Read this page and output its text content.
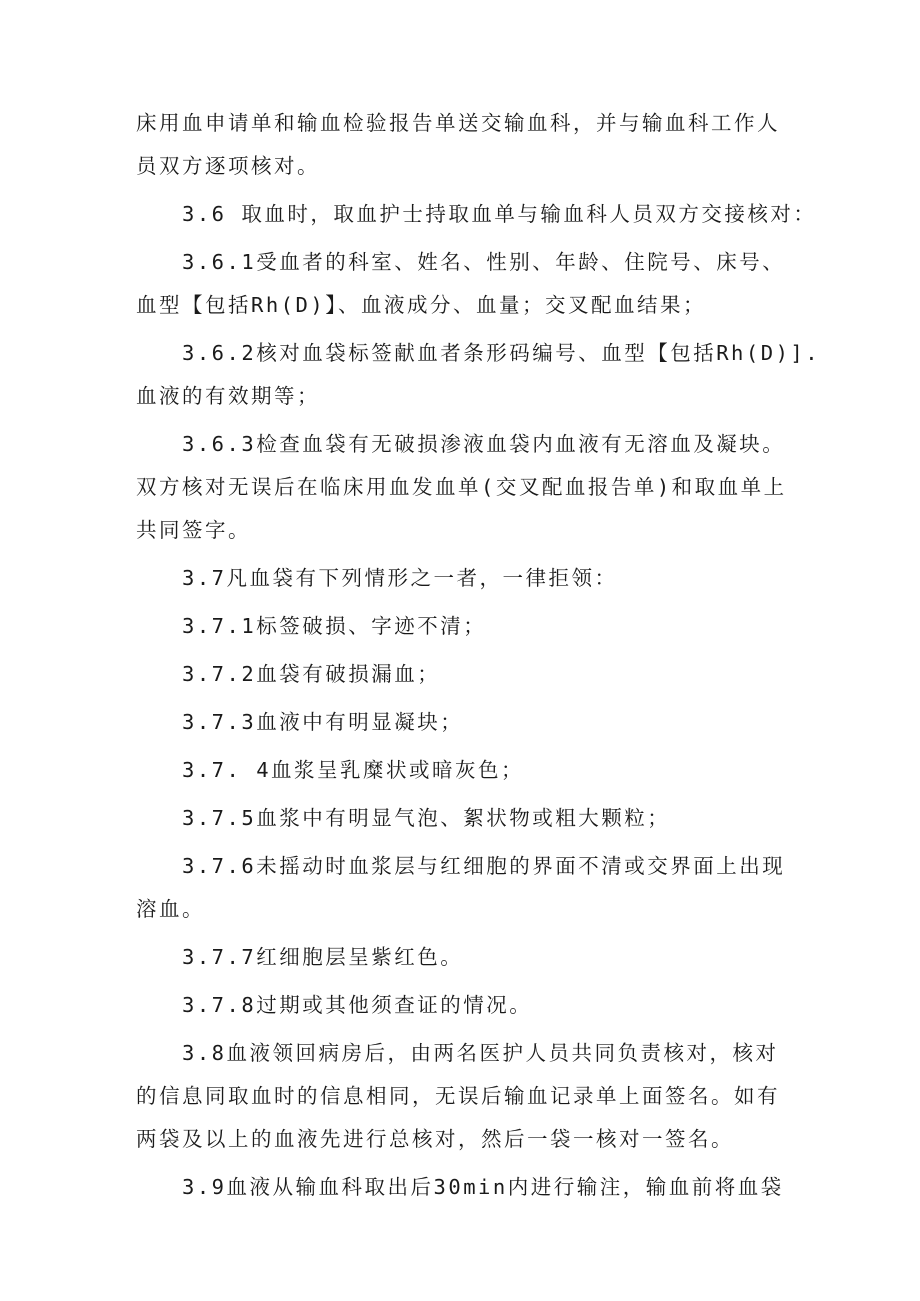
床用血申请单和输血检验报告单送交输血科，并与输血科工作人
员双方逐项核对。
3.6 取血时，取血护士持取血单与输血科人员双方交接核对：
3.6.1受血者的科室、姓名、性别、年龄、住院号、床号、
血型【包括Rh(D)】、血液成分、血量；交叉配血结果；
3.6.2核对血袋标签献血者条形码编号、血型【包括Rh(D)].
血液的有效期等；
3.6.3检查血袋有无破损渗液血袋内血液有无溶血及凝块。
双方核对无误后在临床用血发血单(交叉配血报告单)和取血单上
共同签字。
3.7凡血袋有下列情形之一者，一律拒领：
3.7.1标签破损、字迹不清；
3.7.2血袋有破损漏血；
3.7.3血液中有明显凝块；
3.7. 4血浆呈乳糜状或暗灰色；
3.7.5血浆中有明显气泡、絮状物或粗大颗粒；
3.7.6未摇动时血浆层与红细胞的界面不清或交界面上出现
溶血。
3.7.7红细胞层呈紫红色。
3.7.8过期或其他须查证的情况。
3.8血液领回病房后，由两名医护人员共同负责核对，核对
的信息同取血时的信息相同，无误后输血记录单上面签名。如有
两袋及以上的血液先进行总核对，然后一袋一核对一签名。
3.9血液从输血科取出后30min内进行输注，输血前将血袋
